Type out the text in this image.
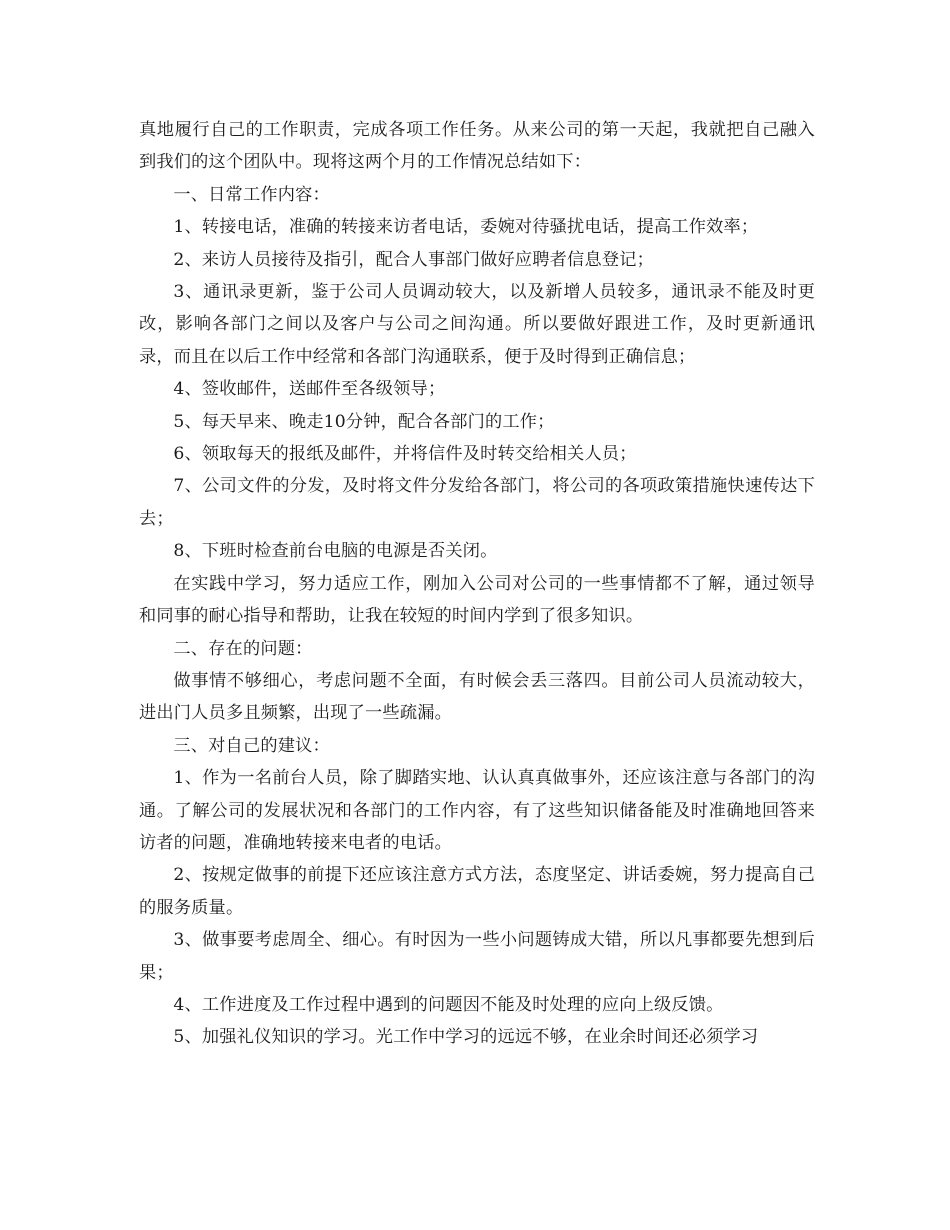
真地履行自己的工作职责，完成各项工作任务。从来公司的第一天起，我就把自己融入到我们的这个团队中。现将这两个月的工作情况总结如下：

一、日常工作内容：

1、转接电话，准确的转接来访者电话，委婉对待骚扰电话，提高工作效率；

2、来访人员接待及指引，配合人事部门做好应聘者信息登记；

3、通讯录更新，鉴于公司人员调动较大，以及新增人员较多，通讯录不能及时更改，影响各部门之间以及客户与公司之间沟通。所以要做好跟进工作，及时更新通讯录，而且在以后工作中经常和各部门沟通联系，便于及时得到正确信息；

4、签收邮件，送邮件至各级领导；

5、每天早来、晚走10分钟，配合各部门的工作；

6、领取每天的报纸及邮件，并将信件及时转交给相关人员；

7、公司文件的分发，及时将文件分发给各部门，将公司的各项政策措施快速传达下去；

8、下班时检查前台电脑的电源是否关闭。

在实践中学习，努力适应工作，刚加入公司对公司的一些事情都不了解，通过领导和同事的耐心指导和帮助，让我在较短的时间内学到了很多知识。

二、存在的问题：

做事情不够细心，考虑问题不全面，有时候会丢三落四。目前公司人员流动较大，进出门人员多且频繁，出现了一些疏漏。

三、对自己的建议：

1、作为一名前台人员，除了脚踏实地、认认真真做事外，还应该注意与各部门的沟通。了解公司的发展状况和各部门的工作内容，有了这些知识储备能及时准确地回答来访者的问题，准确地转接来电者的电话。

2、按规定做事的前提下还应该注意方式方法，态度坚定、讲话委婉，努力提高自己的服务质量。

3、做事要考虑周全、细心。有时因为一些小问题铸成大错，所以凡事都要先想到后果；

4、工作进度及工作过程中遇到的问题因不能及时处理的应向上级反馈。

5、加强礼仪知识的学习。光工作中学习的远远不够，在业余时间还必须学习
